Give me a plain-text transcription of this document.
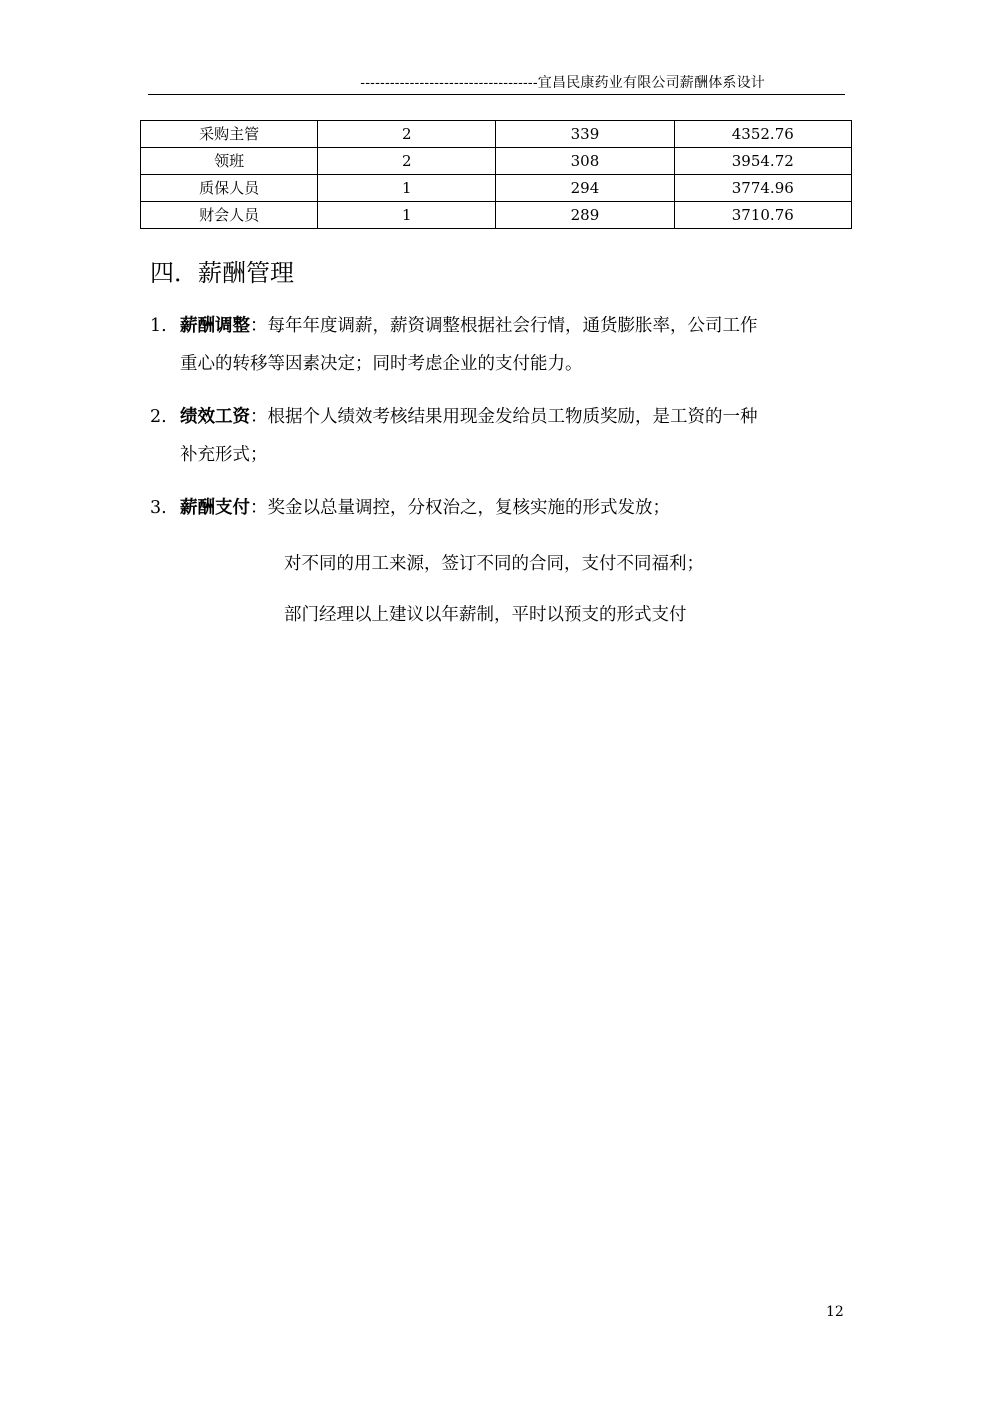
------------------------------------宜昌民康药业有限公司薪酬体系设计
采购主管	2	339	4352.76
领班	2	308	3954.72
质保人员	1	294	3774.96
财会人员	1	289	3710.76
四．薪酬管理
1. 薪酬调整：每年年度调薪，薪资调整根据社会行情，通货膨胀率，公司工作
重心的转移等因素决定；同时考虑企业的支付能力。
2. 绩效工资：根据个人绩效考核结果用现金发给员工物质奖励，是工资的一种
补充形式；
3. 薪酬支付：奖金以总量调控，分权治之，复核实施的形式发放；
对不同的用工来源，签订不同的合同，支付不同福利；
部门经理以上建议以年薪制，平时以预支的形式支付
12
